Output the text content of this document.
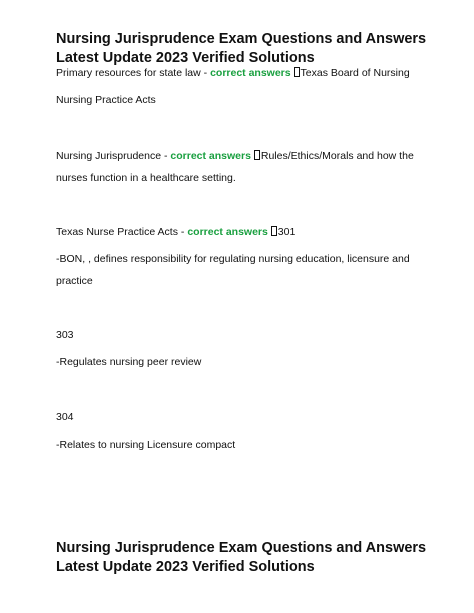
Nursing Jurisprudence Exam Questions and Answers Latest Update 2023 Verified Solutions

Primary resources for state law - correct answers Texas Board of Nursing

Nursing Practice Acts

Nursing Jurisprudence - correct answers Rules/Ethics/Morals and how the nurses function in a healthcare setting.

Texas Nurse Practice Acts - correct answers 301

-BON, , defines responsibility for regulating nursing education, licensure and practice

303

-Regulates nursing peer review

304

-Relates to nursing Licensure compact

Nursing Jurisprudence Exam Questions and Answers Latest Update 2023 Verified Solutions
